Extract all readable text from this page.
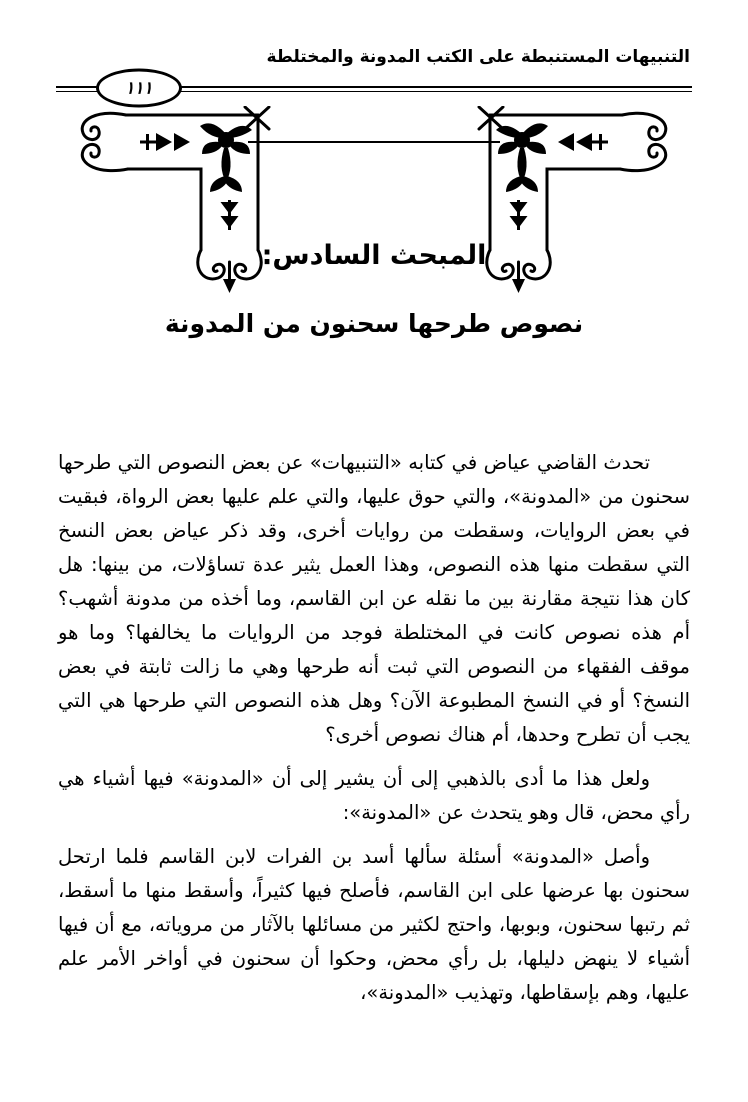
التنبيهات المستنبطة على الكتب المدونة والمختلطة
١١١
المبحث السادس:
نصوص طرحها سحنون من المدونة

تحدث القاضي عياض في كتابه «التنبيهات» عن بعض النصوص التي طرحها سحنون من «المدونة»، والتي حوق عليها، والتي علم عليها بعض الرواة، فبقيت في بعض الروايات، وسقطت من روايات أخرى، وقد ذكر عياض بعض النسخ التي سقطت منها هذه النصوص، وهذا العمل يثير عدة تساؤلات، من بينها: هل كان هذا نتيجة مقارنة بين ما نقله عن ابن القاسم، وما أخذه من مدونة أشهب؟ أم هذه نصوص كانت في المختلطة فوجد من الروايات ما يخالفها؟ وما هو موقف الفقهاء من النصوص التي ثبت أنه طرحها وهي ما زالت ثابتة في بعض النسخ؟ أو في النسخ المطبوعة الآن؟ وهل هذه النصوص التي طرحها هي التي يجب أن تطرح وحدها، أم هناك نصوص أخرى؟

ولعل هذا ما أدى بالذهبي إلى أن يشير إلى أن «المدونة» فيها أشياء هي رأي محض، قال وهو يتحدث عن «المدونة»:

وأصل «المدونة» أسئلة سألها أسد بن الفرات لابن القاسم فلما ارتحل سحنون بها عرضها على ابن القاسم، فأصلح فيها كثيراً، وأسقط منها ما أسقط، ثم رتبها سحنون، وبوبها، واحتج لكثير من مسائلها بالآثار من مروياته، مع أن فيها أشياء لا ينهض دليلها، بل رأي محض، وحكوا أن سحنون في أواخر الأمر علم عليها، وهم بإسقاطها، وتهذيب «المدونة»،
